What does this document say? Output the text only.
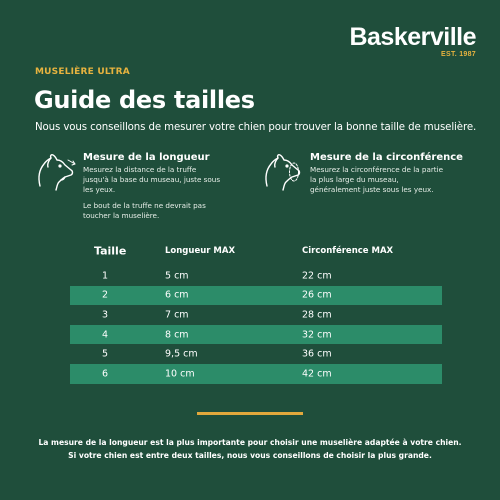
Baskerville
EST. 1987
MUSELIÈRE ULTRA
Guide des tailles
Nous vous conseillons de mesurer votre chien pour trouver la bonne taille de muselière.
Mesure de la longueur
Mesurez la distance de la truffe jusqu'à la base du museau, juste sous les yeux.
Le bout de la truffe ne devrait pas toucher la muselière.
Mesure de la circonférence
Mesurez la circonférence de la partie la plus large du museau, généralement juste sous les yeux.
Taille	Longueur MAX	Circonférence MAX
1	5 cm	22 cm
2	6 cm	26 cm
3	7 cm	28 cm
4	8 cm	32 cm
5	9,5 cm	36 cm
6	10 cm	42 cm
La mesure de la longueur est la plus importante pour choisir une muselière adaptée à votre chien.
Si votre chien est entre deux tailles, nous vous conseillons de choisir la plus grande.
